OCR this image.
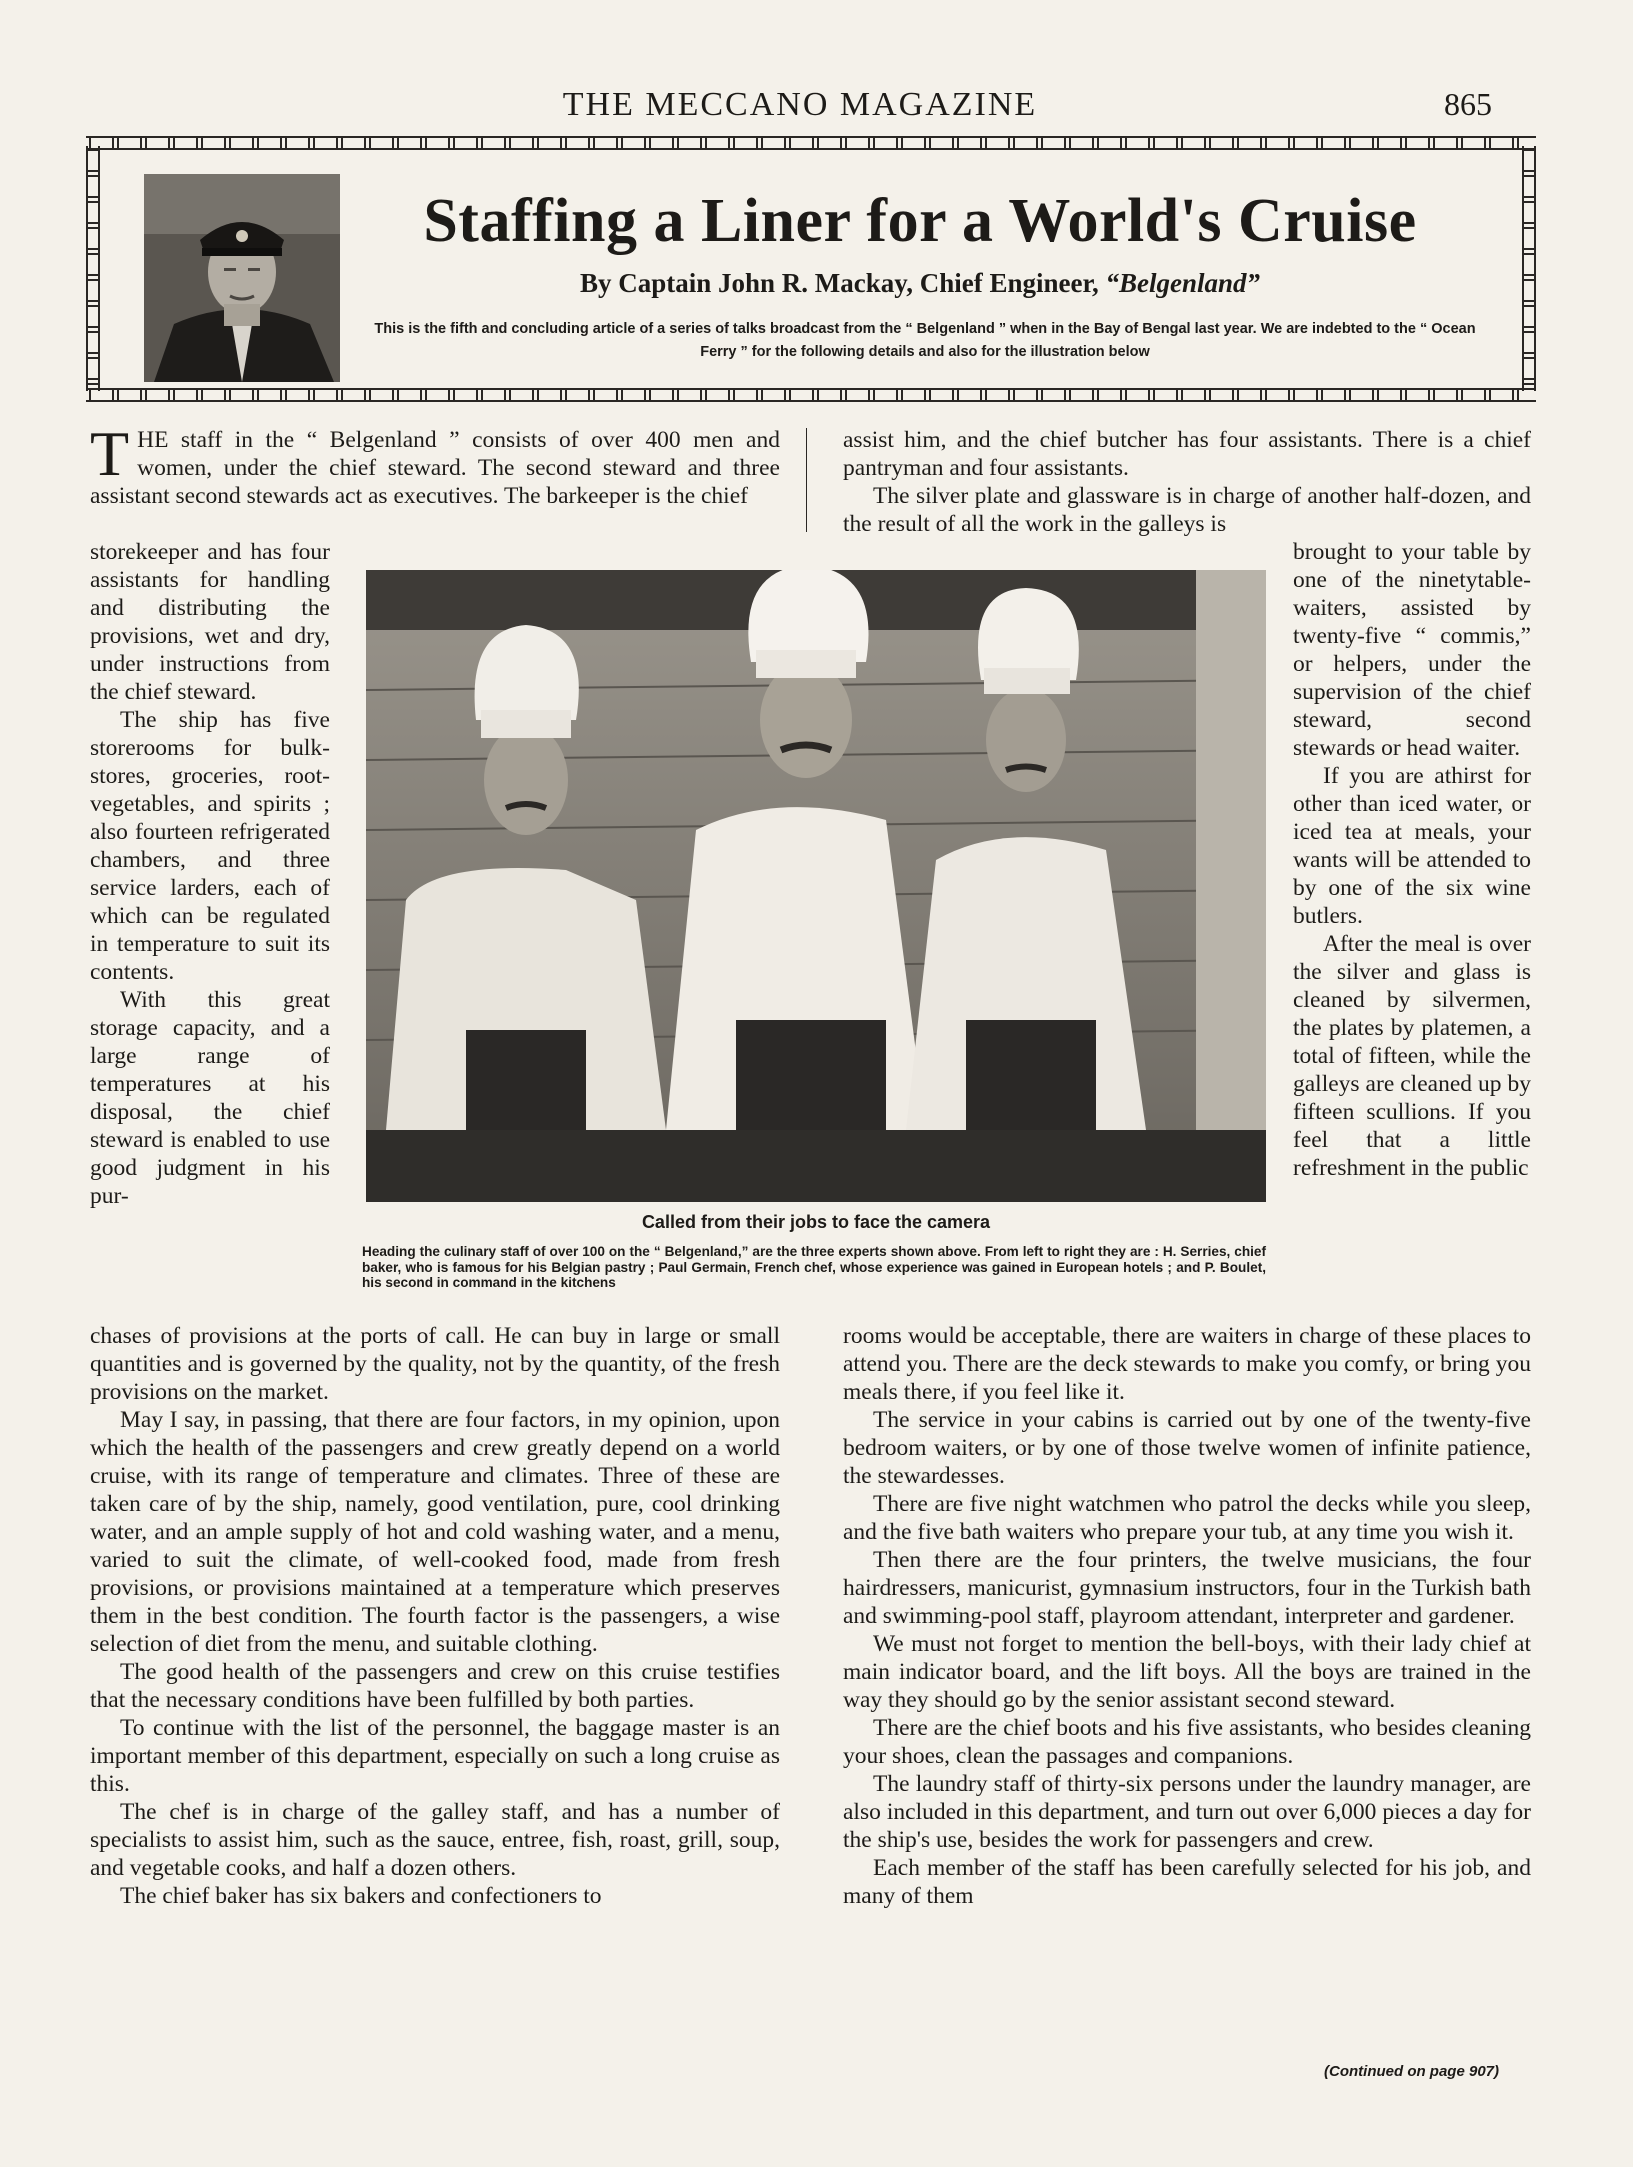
THE MECCANO MAGAZINE	865
Staffing a Liner for a World's Cruise
By Captain John R. Mackay, Chief Engineer, “Belgenland”
This is the fifth and concluding article of a series of talks broadcast from the “ Belgenland ” when in the Bay of Bengal last year. We are indebted to the “ Ocean Ferry ” for the following details and also for the illustration below

THE staff in the “ Belgenland ” consists of over 400 men and women, under the chief steward. The second steward and three assistant second stewards act as executives. The barkeeper is the chief

storekeeper and has four assistants for handling and distributing the provisions, wet and dry, under instructions from the chief steward.

The ship has five storerooms for bulk-stores, groceries, root-vegetables, and spirits ; also fourteen refrigerated chambers, and three service larders, each of which can be regulated in temperature to suit its contents.

With this great storage capacity, and a large range of temperatures at his disposal, the chief steward is enabled to use good judgment in his pur-

chases of provisions at the ports of call. He can buy in large or small quantities and is governed by the quality, not by the quantity, of the fresh provisions on the market.

May I say, in passing, that there are four factors, in my opinion, upon which the health of the passengers and crew greatly depend on a world cruise, with its range of temperature and climates. Three of these are taken care of by the ship, namely, good ventilation, pure, cool drinking water, and an ample supply of hot and cold washing water, and a menu, varied to suit the climate, of well-cooked food, made from fresh provisions, or provisions maintained at a temperature which preserves them in the best condition. The fourth factor is the passengers, a wise selection of diet from the menu, and suitable clothing.

The good health of the passengers and crew on this cruise testifies that the necessary conditions have been fulfilled by both parties.

To continue with the list of the personnel, the baggage master is an important member of this department, especially on such a long cruise as this.

The chef is in charge of the galley staff, and has a number of specialists to assist him, such as the sauce, entree, fish, roast, grill, soup, and vegetable cooks, and half a dozen others.

The chief baker has six bakers and confectioners to

assist him, and the chief butcher has four assistants. There is a chief pantryman and four assistants.

The silver plate and glassware is in charge of another half-dozen, and the result of all the work in the galleys is

brought to your table by one of the ninetytable-waiters, assisted by twenty-five “ commis,” or helpers, under the supervision of the chief steward, second stewards or head waiter.

If you are athirst for other than iced water, or iced tea at meals, your wants will be attended to by one of the six wine butlers.

After the meal is over the silver and glass is cleaned by silvermen, the plates by platemen, a total of fifteen, while the galleys are cleaned up by fifteen scullions. If you feel that a little refreshment in the public

rooms would be acceptable, there are waiters in charge of these places to attend you. There are the deck stewards to make you comfy, or bring you meals there, if you feel like it.

The service in your cabins is carried out by one of the twenty-five bedroom waiters, or by one of those twelve women of infinite patience, the stewardesses.

There are five night watchmen who patrol the decks while you sleep, and the five bath waiters who prepare your tub, at any time you wish it.

Then there are the four printers, the twelve musicians, the four hairdressers, manicurist, gymnasium instructors, four in the Turkish bath and swimming-pool staff, playroom attendant, interpreter and gardener.

We must not forget to mention the bell-boys, with their lady chief at main indicator board, and the lift boys. All the boys are trained in the way they should go by the senior assistant second steward.

There are the chief boots and his five assistants, who besides cleaning your shoes, clean the passages and companions.

The laundry staff of thirty-six persons under the laundry manager, are also included in this department, and turn out over 6,000 pieces a day for the ship's use, besides the work for passengers and crew.

Each member of the staff has been carefully selected for his job, and many of them

Called from their jobs to face the camera
Heading the culinary staff of over 100 on the “ Belgenland,” are the three experts shown above. From left to right they are : H. Serries, chief baker, who is famous for his Belgian pastry ; Paul Germain, French chef, whose experience was gained in European hotels ; and P. Boulet, his second in command in the kitchens
(Continued on page 907)
